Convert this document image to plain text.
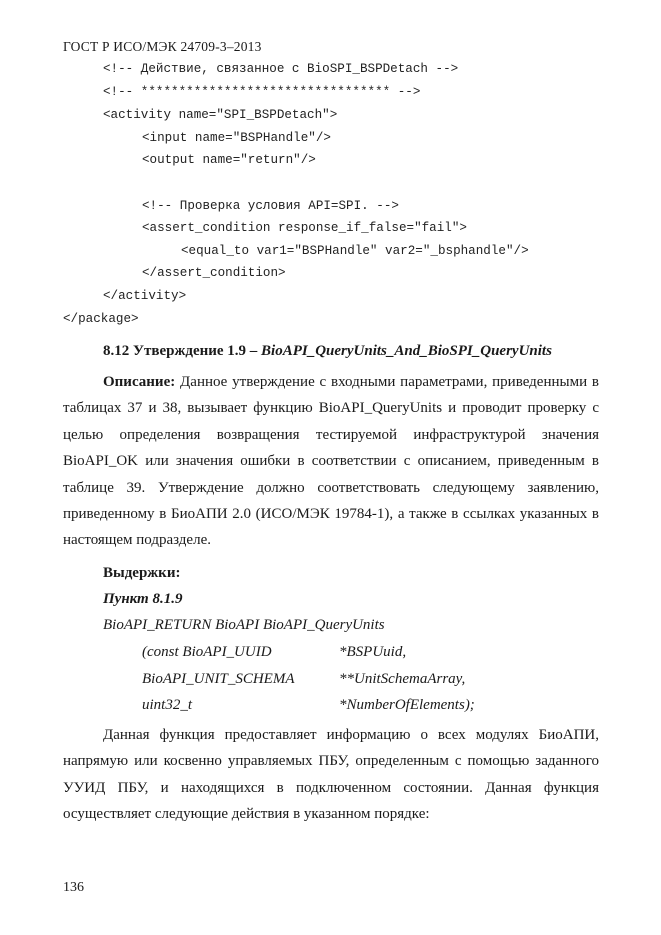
ГОСТ Р ИСО/МЭК 24709-3–2013
<!-- Действие, связанное с BioSPI_BSPDetach -->
<!-- ********************************* -->
<activity name="SPI_BSPDetach">
<input name="BSPHandle"/>
<output name="return"/>
<!-- Проверка условия API=SPI. -->
<assert_condition response_if_false="fail">
<equal_to var1="BSPHandle" var2="_bsphandle"/>
</assert_condition>
</activity>
</package>
8.12 Утверждение 1.9 – BioAPI_QueryUnits_And_BioSPI_QueryUnits
Описание: Данное утверждение с входными параметрами, приведенными в таблицах 37 и 38, вызывает функцию BioAPI_QueryUnits и проводит проверку с целью определения возвращения тестируемой инфраструктурой значения BioAPI_OK или значения ошибки в соответствии с описанием, приведенным в таблице 39. Утверждение должно соответствовать следующему заявлению, приведенному в БиоАПИ 2.0 (ИСО/МЭК 19784-1), а также в ссылках указанных в настоящем подразделе.
Выдержки:
Пункт 8.1.9
BioAPI_RETURN BioAPI BioAPI_QueryUnits
(const BioAPI_UUID	*BSPUuid,
BioAPI_UNIT_SCHEMA	**UnitSchemaArray,
uint32_t	*NumberOfElements);
Данная функция предоставляет информацию о всех модулях БиоАПИ, напрямую или косвенно управляемых ПБУ, определенным с помощью заданного УУИД ПБУ, и находящихся в подключенном состоянии. Данная функция осуществляет следующие действия в указанном порядке:
136
